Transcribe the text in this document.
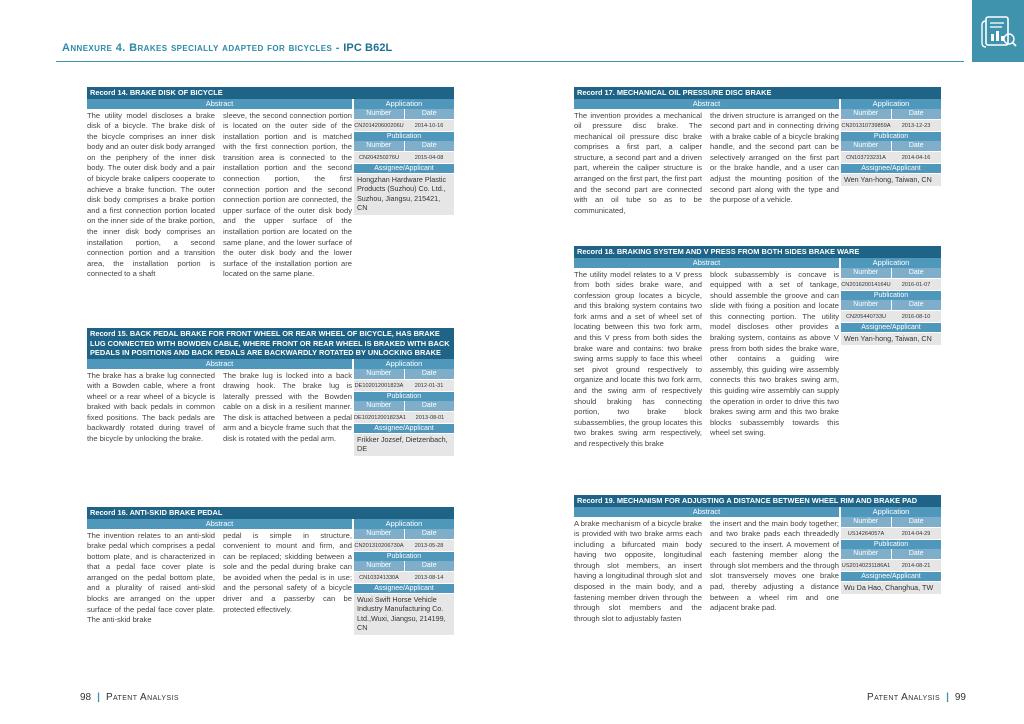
Annexure 4. Brakes specially adapted for bicycles - IPC B62L
Record 14. BRAKE DISK OF BICYCLE
Abstract	Application

The utility model discloses a brake disk of a bicycle. The brake disk of the bicycle comprises an inner disk body and an outer disk body arranged on the periphery of the inner disk body. The outer disk body and a pair of bicycle brake calipers cooperate to achieve a brake function. The outer disk body comprises a brake portion and a first connection portion located on the inner side of the brake portion, the inner disk body comprises an installation portion, a second connection portion and a transition area, the installation portion is connected to a shaft

sleeve, the second connection portion is located on the outer side of the installation portion and is matched with the first connection portion, the transition area is connected to the installation portion and the second connection portion, the first connection portion and the second connection portion are connected, the upper surface of the outer disk body and the upper surface of the installation portion are located on the same plane, and the lower surface of the outer disk body and the lower surface of the installation portion are located on the same plane.

Number	Date
CN201420600206U	2014-10-16
Publication
Number	Date
CN204250276U	2015-04-08
Assignee/Applicant
Hongzhan Hardware Plastic Products (Suzhou) Co. Ltd., Suzhou, Jiangsu, 215421, CN
Record 15. BACK PEDAL BRAKE FOR FRONT WHEEL OR REAR WHEEL OF BICYCLE, HAS BRAKE LUG CONNECTED WITH BOWDEN CABLE, WHERE FRONT OR REAR WHEEL IS BRAKED WITH BACK PEDALS IN POSITIONS AND BACK PEDALS ARE BACKWARDLY ROTATED BY UNLOCKING BRAKE
Abstract	Application

The brake has a brake lug connected with a Bowden cable, where a front wheel or a rear wheel of a bicycle is braked with back pedals in common fixed positions. The back pedals are backwardly rotated during travel of the bicycle by unlocking the brake.

The brake lug is locked into a back drawing hook. The brake lug is laterally pressed with the Bowden cable on a disk in a resilient manner. The disk is attached between a pedal arm and a bicycle frame such that the disk is rotated with the pedal arm.

Number	Date
DE102012001823A	2012-01-31
Publication
Number	Date
DE102012001823A1	2013-08-01
Assignee/Applicant
Frikker Jozsef, Dietzenbach, DE
Record 16. ANTI-SKID BRAKE PEDAL
Abstract	Application

The invention relates to an anti-skid brake pedal which comprises a pedal bottom plate, and is characterized in that a pedal face cover plate is arranged on the pedal bottom plate, and a plurality of raised anti-skid blocks are arranged on the upper surface of the pedal face cover plate. The anti-skid brake

pedal is simple in structure, convenient to mount and firm, and can be replaced; skidding between a sole and the pedal during brake can be avoided when the pedal is in use; and the personal safety of a bicycle driver and a passerby can be protected effectively.

Number	Date
CN201310206730A	2013-05-28
Publication
Number	Date
CN103241330A	2013-08-14
Assignee/Applicant
Wuxi Swift Horse Vehicle Industry Manufacturing Co. Ltd.,Wuxi, Jiangsu, 214199, CN
Record 17. MECHANICAL OIL PRESSURE DISC BRAKE
Abstract	Application

The invention provides a mechanical oil pressure disc brake. The mechanical oil pressure disc brake comprises a first part, a caliper structure, a second part and a driven part, wherein the caliper structure is arranged on the first part, the first part and the second part are connected with an oil tube so as to be communicated,

the driven structure is arranged on the second part and in connecting driving with a brake cable of a bicycle braking handle, and the second part can be selectively arranged on the first part or the brake handle, and a user can adjust the mounting position of the second part along with the type and the purpose of a vehicle.

Number	Date
CN201310739859A	2013-12-23
Publication
Number	Date
CN103723231A	2014-04-16
Assignee/Applicant
Wen Yan-hong, Taiwan, CN
Record 18. BRAKING SYSTEM AND V PRESS FROM BOTH SIDES BRAKE WARE
Abstract	Application

The utility model relates to a V press from both sides brake ware, and confession group locates a bicycle, and this braking system contains two fork arms and a set of wheel set of locating between this two fork arm, and this V press from both sides the brake ware and contains: two brake swing arms supply to face this wheel set pivot ground respectively to organize and locate this two fork arm, and the swing arm of respectively should braking has connecting portion, two brake block subassemblies, the group locates this two brakes swing arm respectively, and respectively this brake

block subassembly is concave is equipped with a set of tankage, should assemble the groove and can slide with fixing a position and locate this connecting portion. The utility model discloses other provides a braking system, contains as above V press from both sides the brake ware, other contains a guiding wire assembly, this guiding wire assembly connects this two brakes swing arm, this guiding wire assembly can supply the operation in order to drive this two brakes swing arm and this two brake blocks subassembly towards this wheel set swing.

Number	Date
CN201620014164U	2016-01-07
Publication
Number	Date
CN205440733U	2016-08-10
Assignee/Applicant
Wen Yan-hong, Taiwan, CN
Record 19. MECHANISM FOR ADJUSTING A DISTANCE BETWEEN WHEEL RIM AND BRAKE PAD
Abstract	Application

A brake mechanism of a bicycle brake is provided with two brake arms each including a bifurcated main body having two opposite, longitudinal through slot members, an insert having a longitudinal through slot and disposed in the main body, and a fastening member driven through the through slot members and the through slot to adjustably fasten

the insert and the main body together; and two brake pads each threadedly secured to the insert. A movement of each fastening member along the through slot members and the through slot transversely moves one brake pad, thereby adjusting a distance between a wheel rim and one adjacent brake pad.

Number	Date
US14264057A	2014-04-29
Publication
Number	Date
US20140231186A1	2014-08-21
Assignee/Applicant
Wu Da Hao, Changhua, TW
98 | Patent Analysis	Patent Analysis | 99
